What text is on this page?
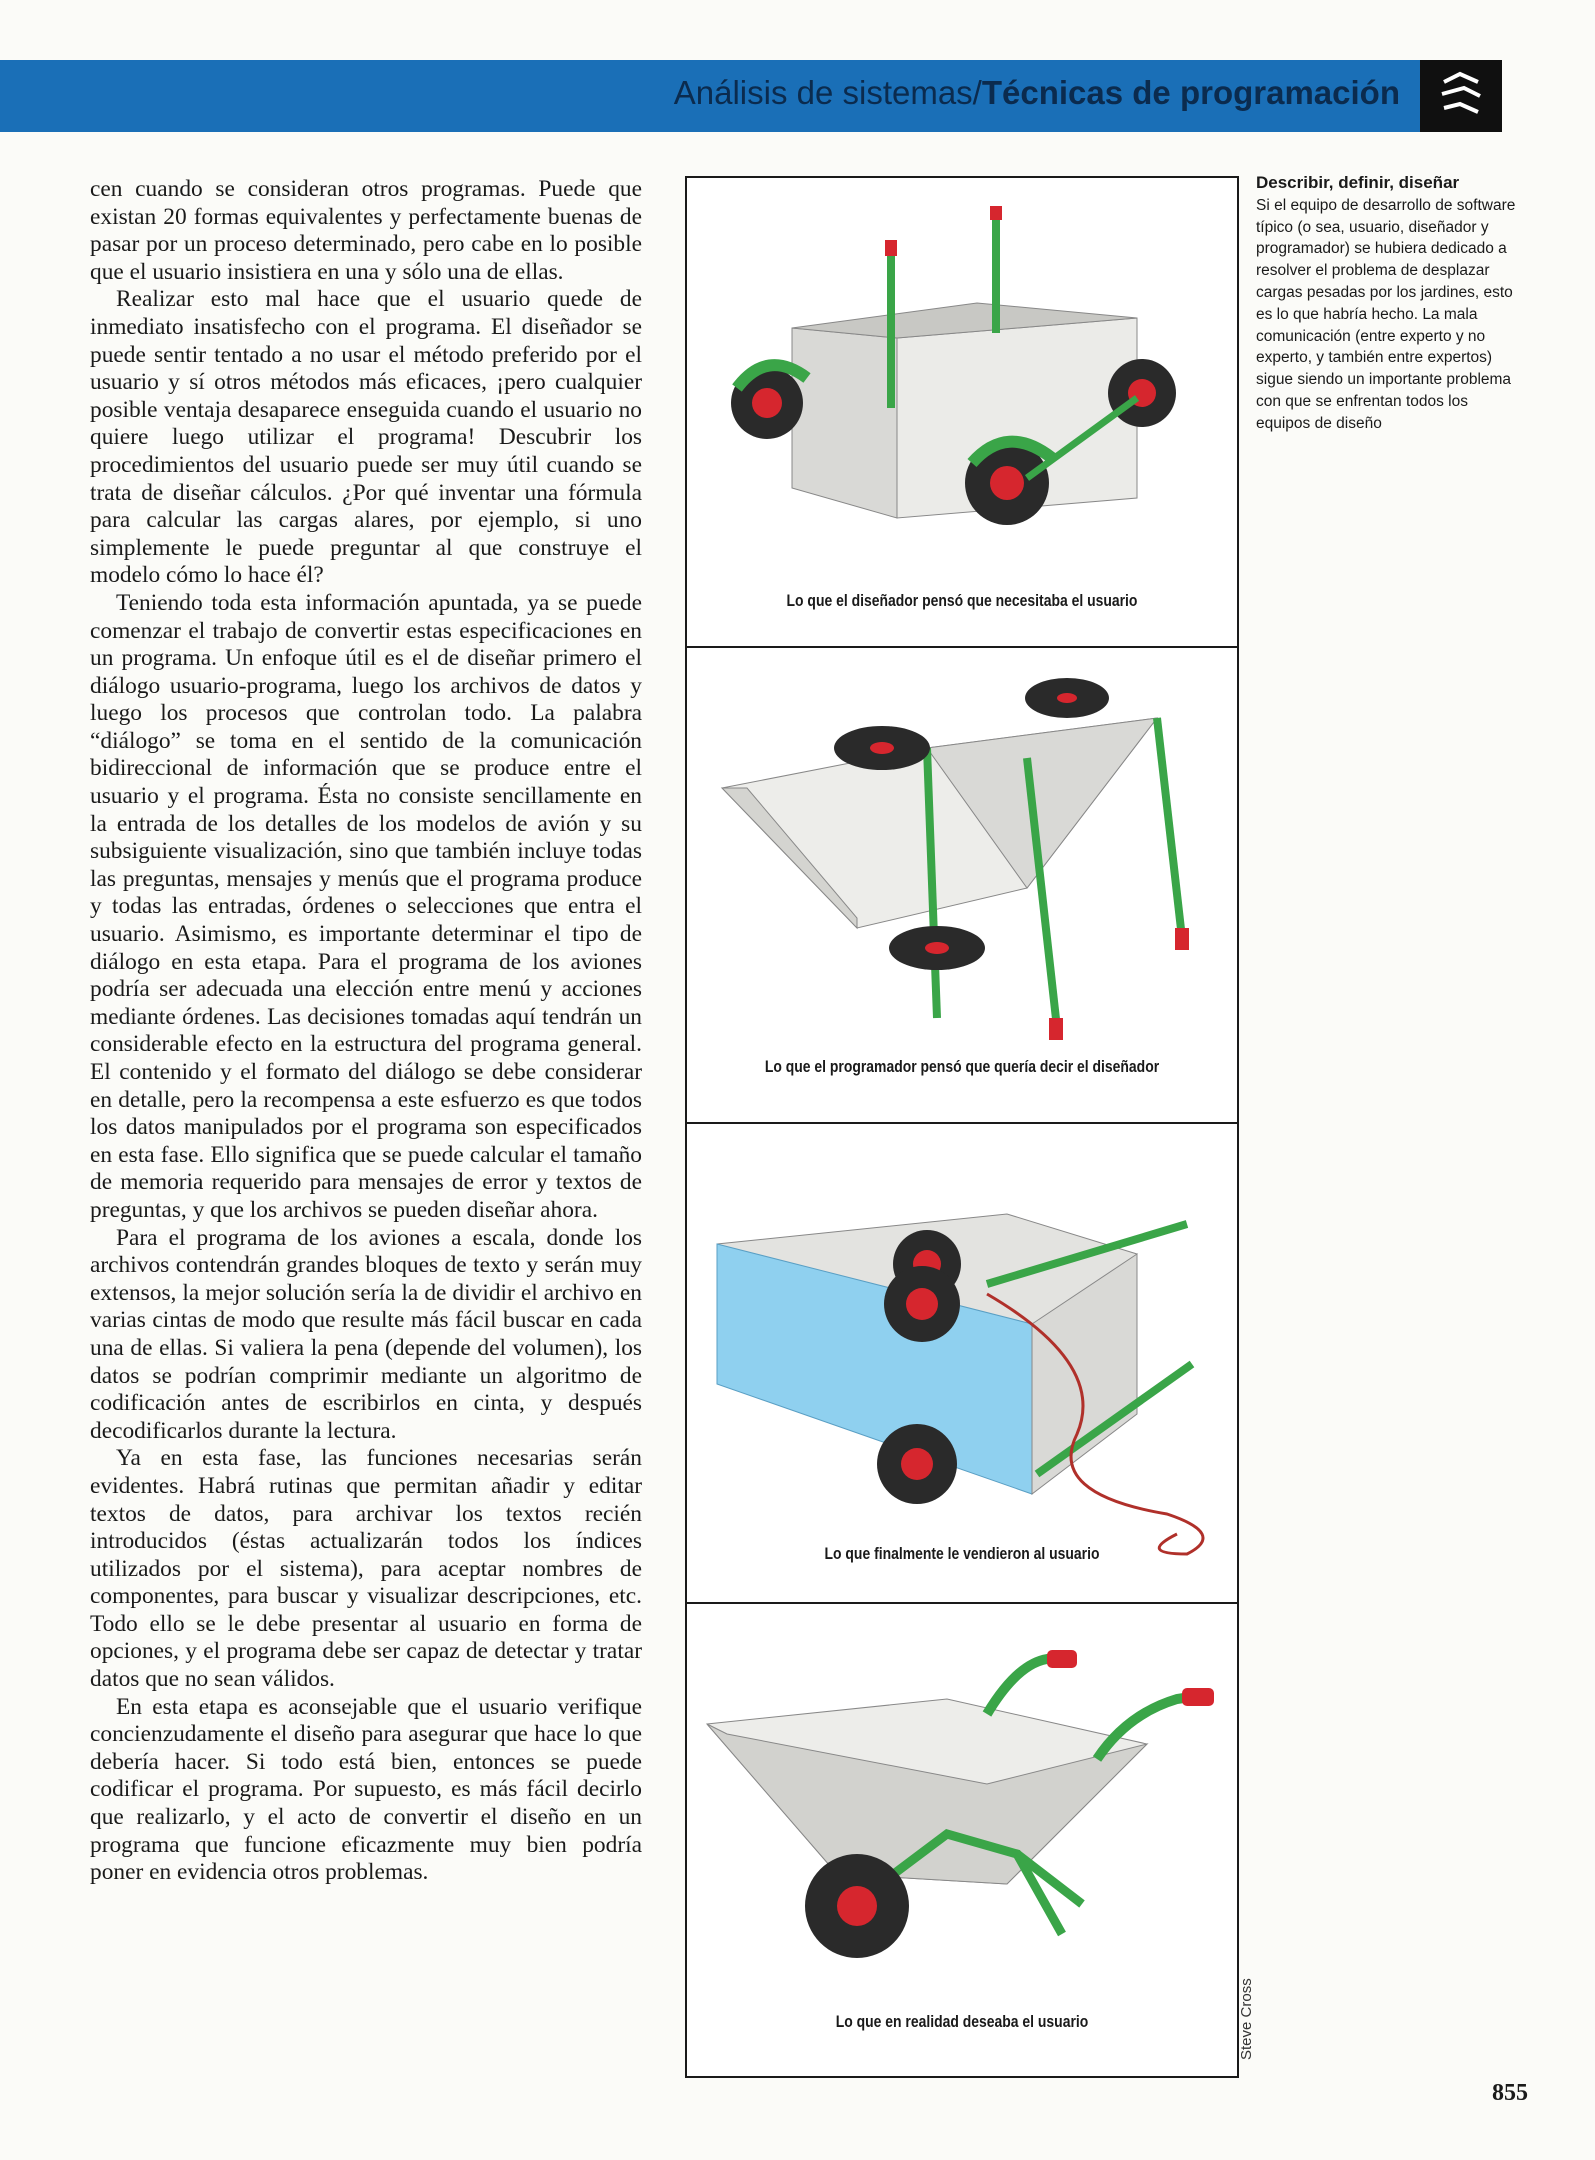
Análisis de sistemas/Técnicas de programación

cen cuando se consideran otros programas. Puede que existan 20 formas equivalentes y perfectamente buenas de pasar por un proceso determinado, pero cabe en lo posible que el usuario insistiera en una y sólo una de ellas.

Realizar esto mal hace que el usuario quede de inmediato insatisfecho con el programa. El diseñador se puede sentir tentado a no usar el método preferido por el usuario y sí otros métodos más eficaces, ¡pero cualquier posible ventaja desaparece enseguida cuando el usuario no quiere luego utilizar el programa! Descubrir los procedimientos del usuario puede ser muy útil cuando se trata de diseñar cálculos. ¿Por qué inventar una fórmula para calcular las cargas alares, por ejemplo, si uno simplemente le puede preguntar al que construye el modelo cómo lo hace él?

Teniendo toda esta información apuntada, ya se puede comenzar el trabajo de convertir estas especificaciones en un programa. Un enfoque útil es el de diseñar primero el diálogo usuario-programa, luego los archivos de datos y luego los procesos que controlan todo. La palabra “diálogo” se toma en el sentido de la comunicación bidireccional de información que se produce entre el usuario y el programa. Ésta no consiste sencillamente en la entrada de los detalles de los modelos de avión y su subsiguiente visualización, sino que también incluye todas las preguntas, mensajes y menús que el programa produce y todas las entradas, órdenes o selecciones que entra el usuario. Asimismo, es importante determinar el tipo de diálogo en esta etapa. Para el programa de los aviones podría ser adecuada una elección entre menú y acciones mediante órdenes. Las decisiones tomadas aquí tendrán un considerable efecto en la estructura del programa general. El contenido y el formato del diálogo se debe considerar en detalle, pero la recompensa a este esfuerzo es que todos los datos manipulados por el programa son especificados en esta fase. Ello significa que se puede calcular el tamaño de memoria requerido para mensajes de error y textos de preguntas, y que los archivos se pueden diseñar ahora.

Para el programa de los aviones a escala, donde los archivos contendrán grandes bloques de texto y serán muy extensos, la mejor solución sería la de dividir el archivo en varias cintas de modo que resulte más fácil buscar en cada una de ellas. Si valiera la pena (depende del volumen), los datos se podrían comprimir mediante un algoritmo de codificación antes de escribirlos en cinta, y después decodificarlos durante la lectura.

Ya en esta fase, las funciones necesarias serán evidentes. Habrá rutinas que permitan añadir y editar textos de datos, para archivar los textos recién introducidos (éstas actualizarán todos los índices utilizados por el sistema), para aceptar nombres de componentes, para buscar y visualizar descripciones, etc. Todo ello se le debe presentar al usuario en forma de opciones, y el programa debe ser capaz de detectar y tratar datos que no sean válidos.

En esta etapa es aconsejable que el usuario verifique concienzudamente el diseño para asegurar que hace lo que debería hacer. Si todo está bien, entonces se puede codificar el programa. Por supuesto, es más fácil decirlo que realizarlo, y el acto de convertir el diseño en un programa que funcione eficazmente muy bien podría poner en evidencia otros problemas.

Lo que el diseñador pensó que necesitaba el usuario
Lo que el programador pensó que quería decir el diseñador
Lo que finalmente le vendieron al usuario
Lo que en realidad deseaba el usuario
Describir, definir, diseñar
Si el equipo de desarrollo de software típico (o sea, usuario, diseñador y programador) se hubiera dedicado a resolver el problema de desplazar cargas pesadas por los jardines, esto es lo que habría hecho. La mala comunicación (entre experto y no experto, y también entre expertos) sigue siendo un importante problema con que se enfrentan todos los equipos de diseño
Steve Cross
855
